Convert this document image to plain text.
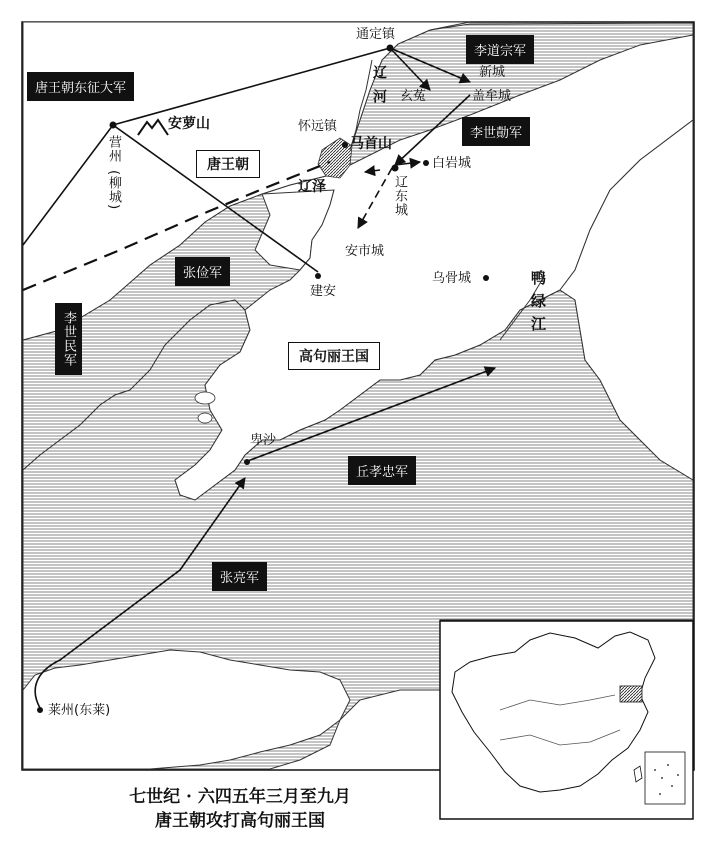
通定镇
新城
玄菟	盖牟城
安萝山
营州
(柳城)
怀远镇
马首山
白岩城
辽东城
辽泽
安市城
建安
乌骨城	鸭绿江
辽河
卑沙
莱州(东莱)
唐王朝
高句丽王国
唐王朝东征大军
李道宗军
李世勣军
张俭军
李世民军
丘孝忠军
张亮军
七世纪 · 六四五年三月至九月
唐王朝攻打高句丽王国
